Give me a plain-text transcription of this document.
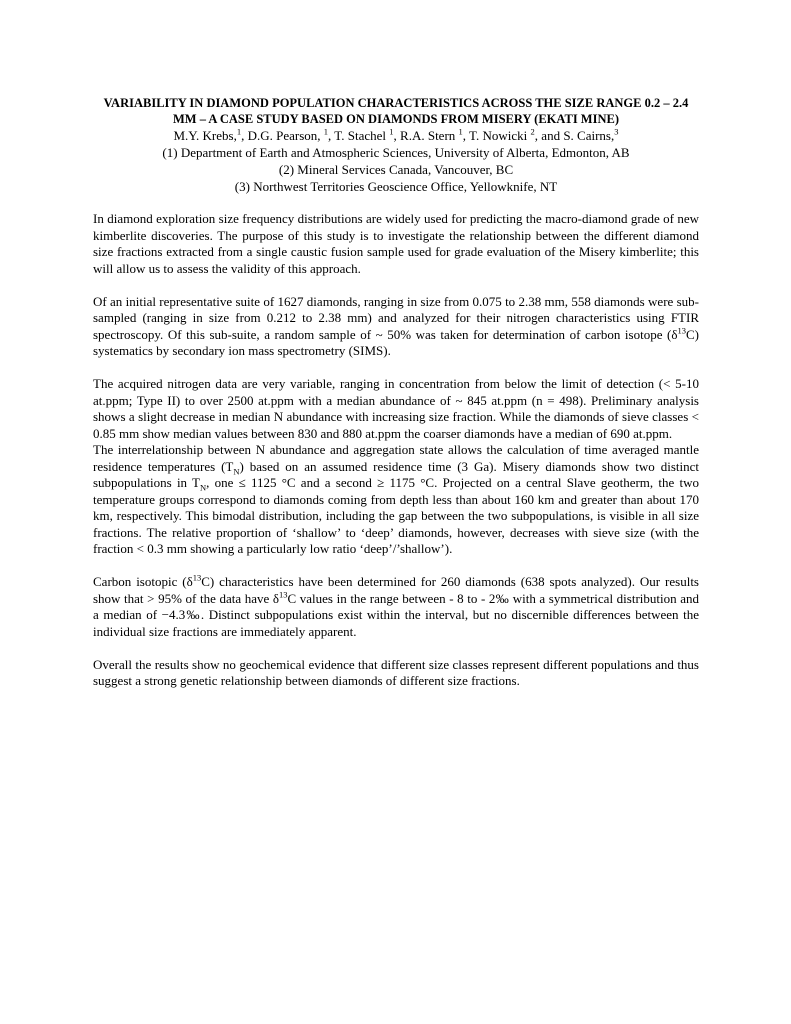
VARIABILITY IN DIAMOND POPULATION CHARACTERISTICS ACROSS THE SIZE RANGE 0.2 – 2.4 MM – A CASE STUDY BASED ON DIAMONDS FROM MISERY (EKATI MINE)

M.Y. Krebs,$^1$, D.G. Pearson, $^1$, T. Stachel $^1$, R.A. Stern $^1$, T. Nowicki $^2$, and S. Cairns,$^3$

(1) Department of Earth and Atmospheric Sciences, University of Alberta, Edmonton, AB

(2) Mineral Services Canada, Vancouver, BC

(3) Northwest Territories Geoscience Office, Yellowknife, NT

In diamond exploration size frequency distributions are widely used for predicting the macro-diamond grade of new kimberlite discoveries. The purpose of this study is to investigate the relationship between the different diamond size fractions extracted from a single caustic fusion sample used for grade evaluation of the Misery kimberlite; this will allow us to assess the validity of this approach.

Of an initial representative suite of 1627 diamonds, ranging in size from 0.075 to 2.38 mm, 558 diamonds were sub-sampled (ranging in size from 0.212 to 2.38 mm) and analyzed for their nitrogen characteristics using FTIR spectroscopy. Of this sub-suite, a random sample of ~ 50% was taken for determination of carbon isotope $(\delta^{13}C)$ systematics by secondary ion mass spectrometry (SIMS).

The acquired nitrogen data are very variable, ranging in concentration from below the limit of detection (< 5-10 at.ppm; Type II) to over 2500 at.ppm with a median abundance of ~ 845 at.ppm (n = 498). Preliminary analysis shows a slight decrease in median N abundance with increasing size fraction. While the diamonds of sieve classes < 0.85 mm show median values between 830 and 880 at.ppm the coarser diamonds have a median of 690 at.ppm.

The interrelationship between N abundance and aggregation state allows the calculation of time averaged mantle residence temperatures $(T_N)$ based on an assumed residence time (3 Ga). Misery diamonds show two distinct subpopulations in $T_N$, one ≤ 1125 °C and a second ≥ 1175 °C. Projected on a central Slave geotherm, the two temperature groups correspond to diamonds coming from depth less than about 160 km and greater than about 170 km, respectively. This bimodal distribution, including the gap between the two subpopulations, is visible in all size fractions. The relative proportion of ‘shallow’ to ‘deep’ diamonds, however, decreases with sieve size (with the fraction < 0.3 mm showing a particularly low ratio ‘deep’/’shallow’).

Carbon isotopic $(\delta^{13}C)$ characteristics have been determined for 260 diamonds (638 spots analyzed). Our results show that > 95% of the data have $\delta^{13}C$ values in the range between - 8 to - 2‰ with a symmetrical distribution and a median of −4.3‰. Distinct subpopulations exist within the interval, but no discernible differences between the individual size fractions are immediately apparent.

Overall the results show no geochemical evidence that different size classes represent different populations and thus suggest a strong genetic relationship between diamonds of different size fractions.
